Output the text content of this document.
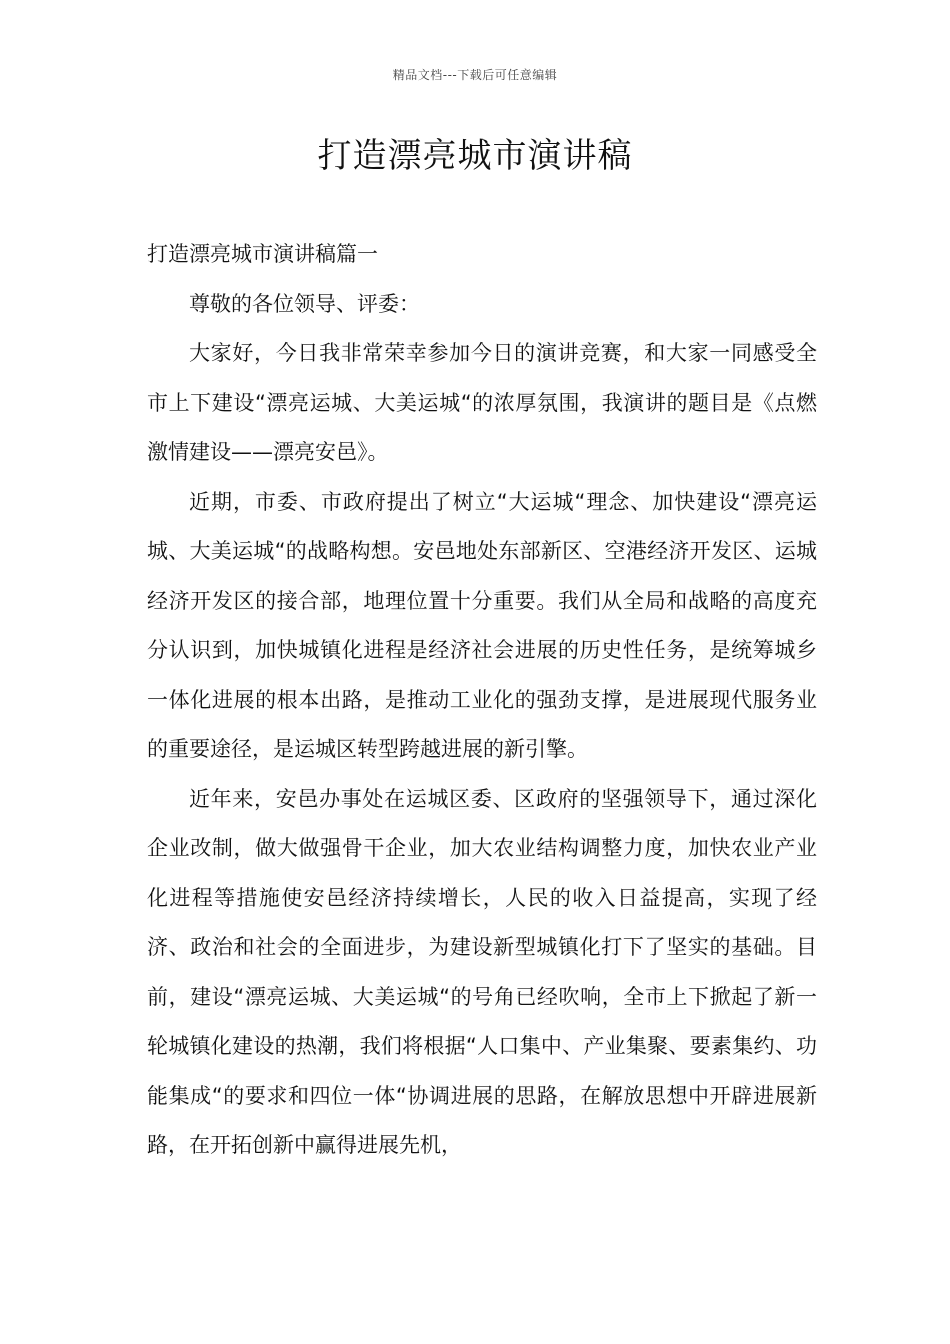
精品文档---下载后可任意编辑
打造漂亮城市演讲稿

打造漂亮城市演讲稿篇一

尊敬的各位领导、评委：

大家好，今日我非常荣幸参加今日的演讲竞赛，和大家一同感受全市上下建设“漂亮运城、大美运城“的浓厚氛围，我演讲的题目是《点燃激情建设——漂亮安邑》。

近期，市委、市政府提出了树立“大运城“理念、加快建设“漂亮运城、大美运城“的战略构想。安邑地处东部新区、空港经济开发区、运城经济开发区的接合部，地理位置十分重要。我们从全局和战略的高度充分认识到，加快城镇化进程是经济社会进展的历史性任务，是统筹城乡一体化进展的根本出路，是推动工业化的强劲支撑，是进展现代服务业的重要途径，是运城区转型跨越进展的新引擎。

近年来，安邑办事处在运城区委、区政府的坚强领导下，通过深化企业改制，做大做强骨干企业，加大农业结构调整力度，加快农业产业化进程等措施使安邑经济持续增长，人民的收入日益提高，实现了经济、政治和社会的全面进步，为建设新型城镇化打下了坚实的基础。目前，建设“漂亮运城、大美运城“的号角已经吹响，全市上下掀起了新一轮城镇化建设的热潮，我们将根据“人口集中、产业集聚、要素集约、功能集成“的要求和四位一体“协调进展的思路，在解放思想中开辟进展新路，在开拓创新中赢得进展先机，
